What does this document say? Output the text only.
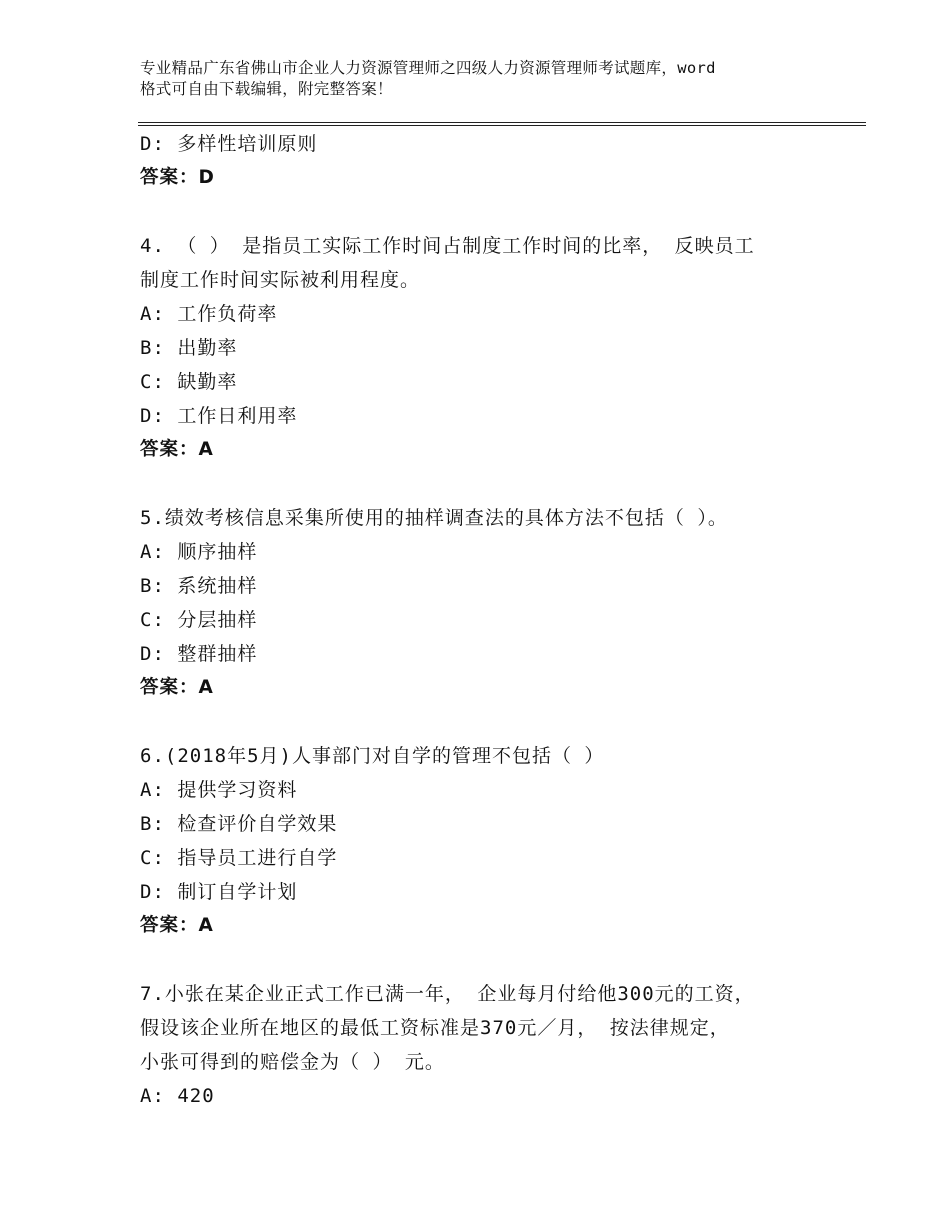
专业精品广东省佛山市企业人力资源管理师之四级人力资源管理师考试题库，word
格式可自由下载编辑，附完整答案！
D: 多样性培训原则
答案：D
4. （ ） 是指员工实际工作时间占制度工作时间的比率， 反映员工
制度工作时间实际被利用程度。
A: 工作负荷率
B: 出勤率
C: 缺勤率
D: 工作日利用率
答案：A
5.绩效考核信息采集所使用的抽样调查法的具体方法不包括（ ）。
A: 顺序抽样
B: 系统抽样
C: 分层抽样
D: 整群抽样
答案：A
6.(2018年5月)人事部门对自学的管理不包括（ ）
A: 提供学习资料
B: 检查评价自学效果
C: 指导员工进行自学
D: 制订自学计划
答案：A
7.小张在某企业正式工作已满一年， 企业每月付给他300元的工资，
假设该企业所在地区的最低工资标准是370元／月， 按法律规定，
小张可得到的赔偿金为（ ） 元。
A: 420
